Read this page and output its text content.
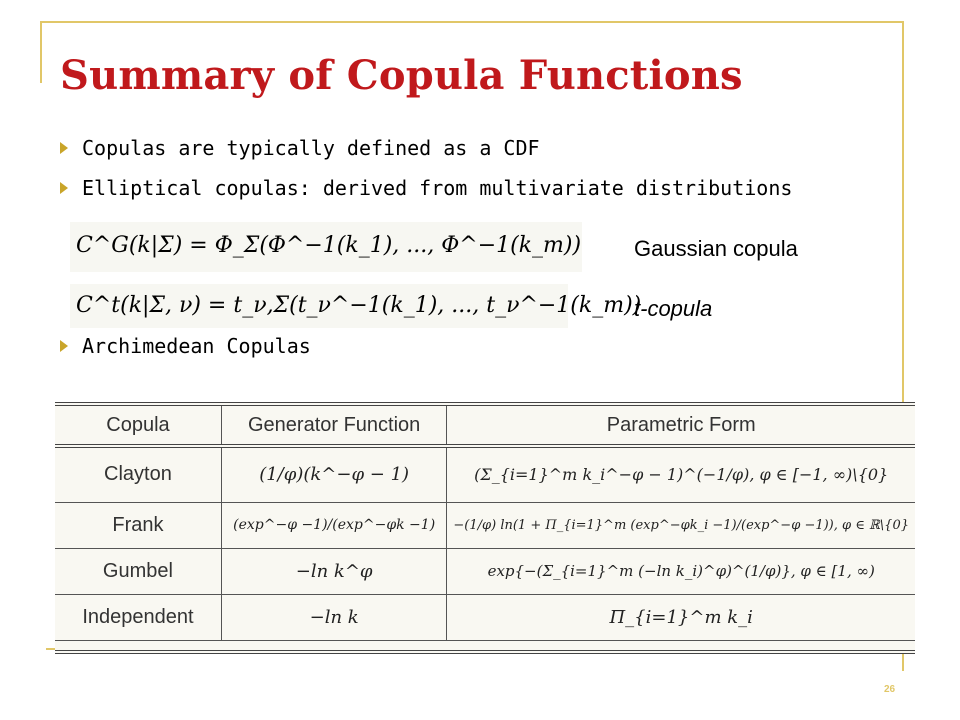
Summary of Copula Functions
Copulas are typically defined as a CDF
Elliptical copulas: derived from multivariate distributions
C^G(k|Σ) = Φ_Σ(Φ^−1(k_1), ..., Φ^−1(k_m)) Gaussian copula
C^t(k|Σ, ν) = t_ν,Σ(t_ν^−1(k_1), ..., t_ν^−1(k_m))
t-copula
Archimedean Copulas
Copula	Generator Function	Parametric Form
Clayton	(1/φ)(k^−φ − 1)	(Σ_{i=1}^m k_i^−φ − 1)^(−1/φ), φ ∈ [−1, ∞)\{0}
Frank	(exp^−φ −1)/(exp^−φk −1)	−(1/φ) ln(1 + Π_{i=1}^m (exp^−φk_i −1)/(exp^−φ −1)), φ ∈ ℝ\{0}
Gumbel	−ln k^φ	exp{−(Σ_{i=1}^m (−ln k_i)^φ)^(1/φ)}, φ ∈ [1, ∞)
Independent	−ln k	Π_{i=1}^m k_i
26
